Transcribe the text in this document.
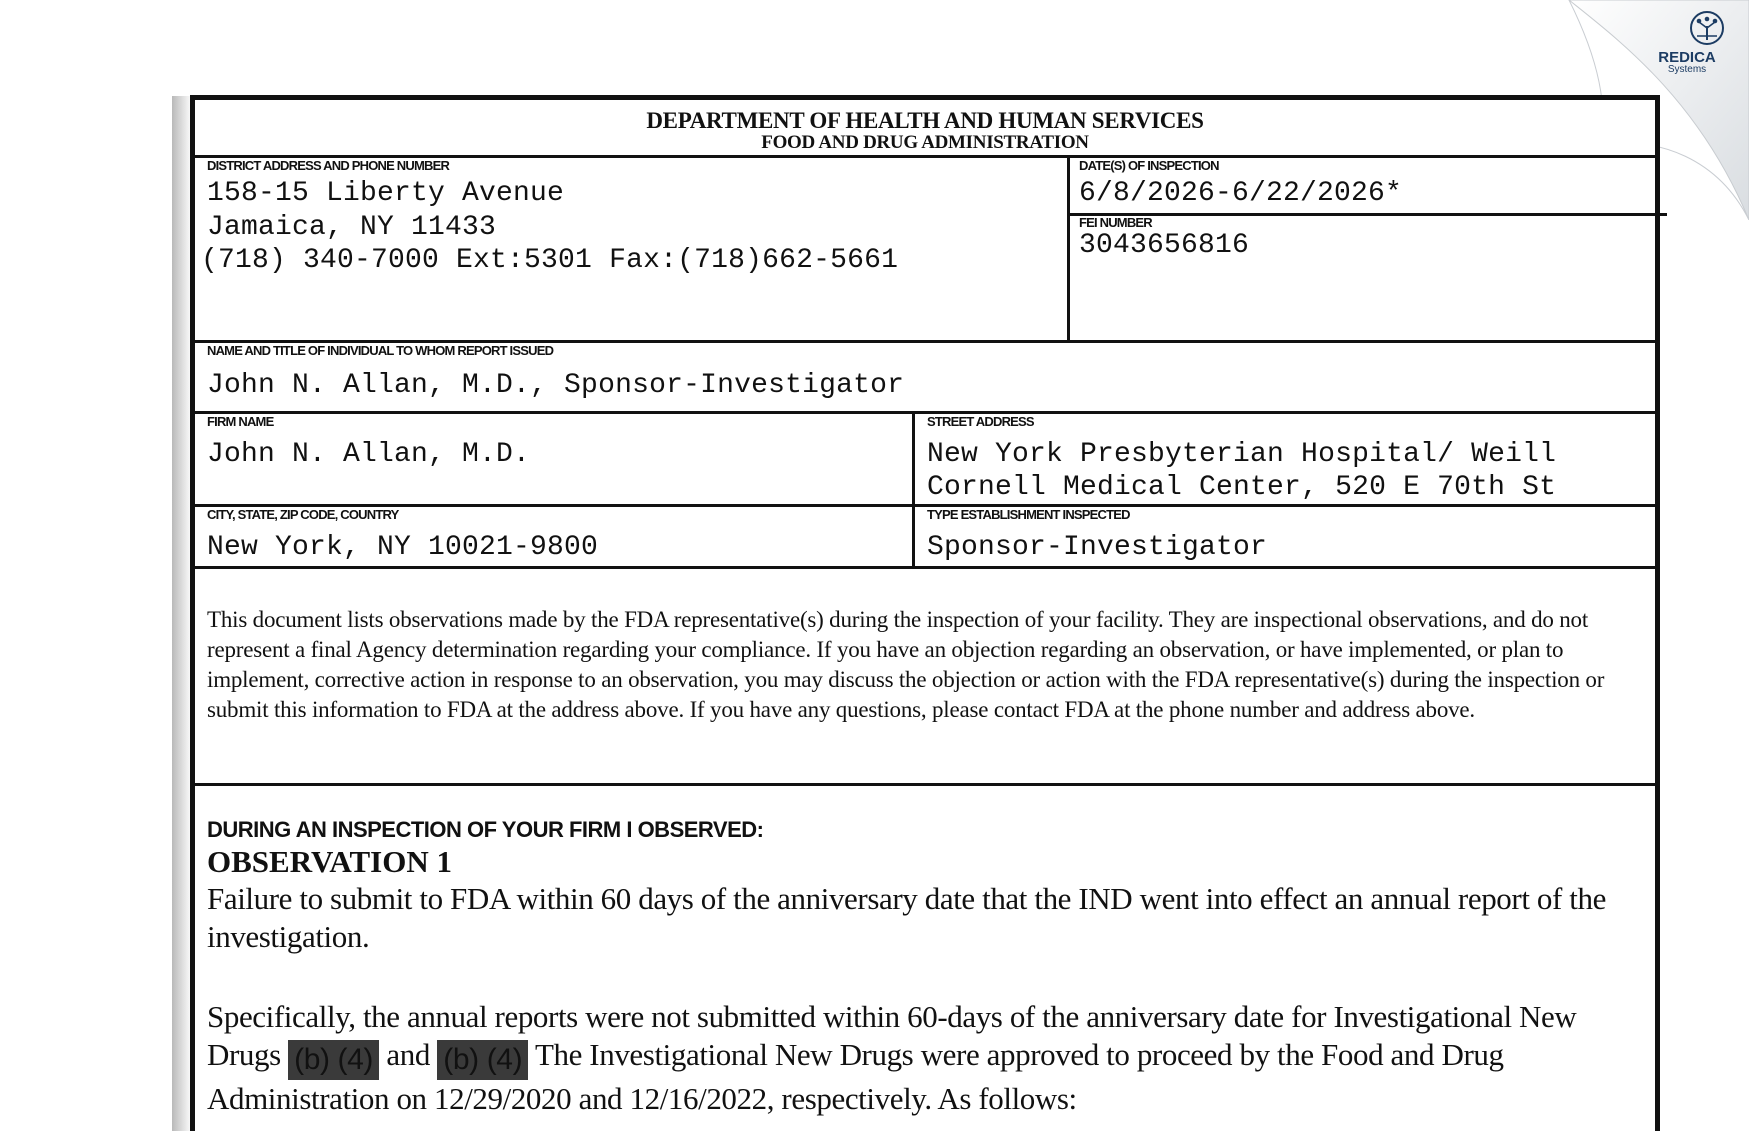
REDICA
Systems
DEPARTMENT OF HEALTH AND HUMAN SERVICES
FOOD AND DRUG ADMINISTRATION
DISTRICT ADDRESS AND PHONE NUMBER
158-15 Liberty Avenue
Jamaica, NY 11433
(718) 340-7000 Ext:5301 Fax:(718)662-5661
DATE(S) OF INSPECTION
6/8/2026-6/22/2026*
FEI NUMBER
3043656816
NAME AND TITLE OF INDIVIDUAL TO WHOM REPORT ISSUED
John N. Allan, M.D., Sponsor-Investigator
FIRM NAME
John N. Allan, M.D.
STREET ADDRESS
New York Presbyterian Hospital/ Weill
Cornell Medical Center, 520 E 70th St
CITY, STATE, ZIP CODE, COUNTRY
New York, NY 10021-9800
TYPE ESTABLISHMENT INSPECTED
Sponsor-Investigator
This document lists observations made by the FDA representative(s) during the inspection of your facility. They are inspectional observations, and do not represent a final Agency determination regarding your compliance. If you have an objection regarding an observation, or have implemented, or plan to implement, corrective action in response to an observation, you may discuss the objection or action with the FDA representative(s) during the inspection or submit this information to FDA at the address above. If you have any questions, please contact FDA at the phone number and address above.
DURING AN INSPECTION OF YOUR FIRM I OBSERVED:
OBSERVATION 1
Failure to submit to FDA within 60 days of the anniversary date that the IND went into effect an annual report of the investigation.
Specifically, the annual reports were not submitted within 60-days of the anniversary date for Investigational New Drugs (b) (4) and (b) (4) The Investigational New Drugs were approved to proceed by the Food and Drug Administration on 12/29/2020 and 12/16/2022, respectively. As follows:
